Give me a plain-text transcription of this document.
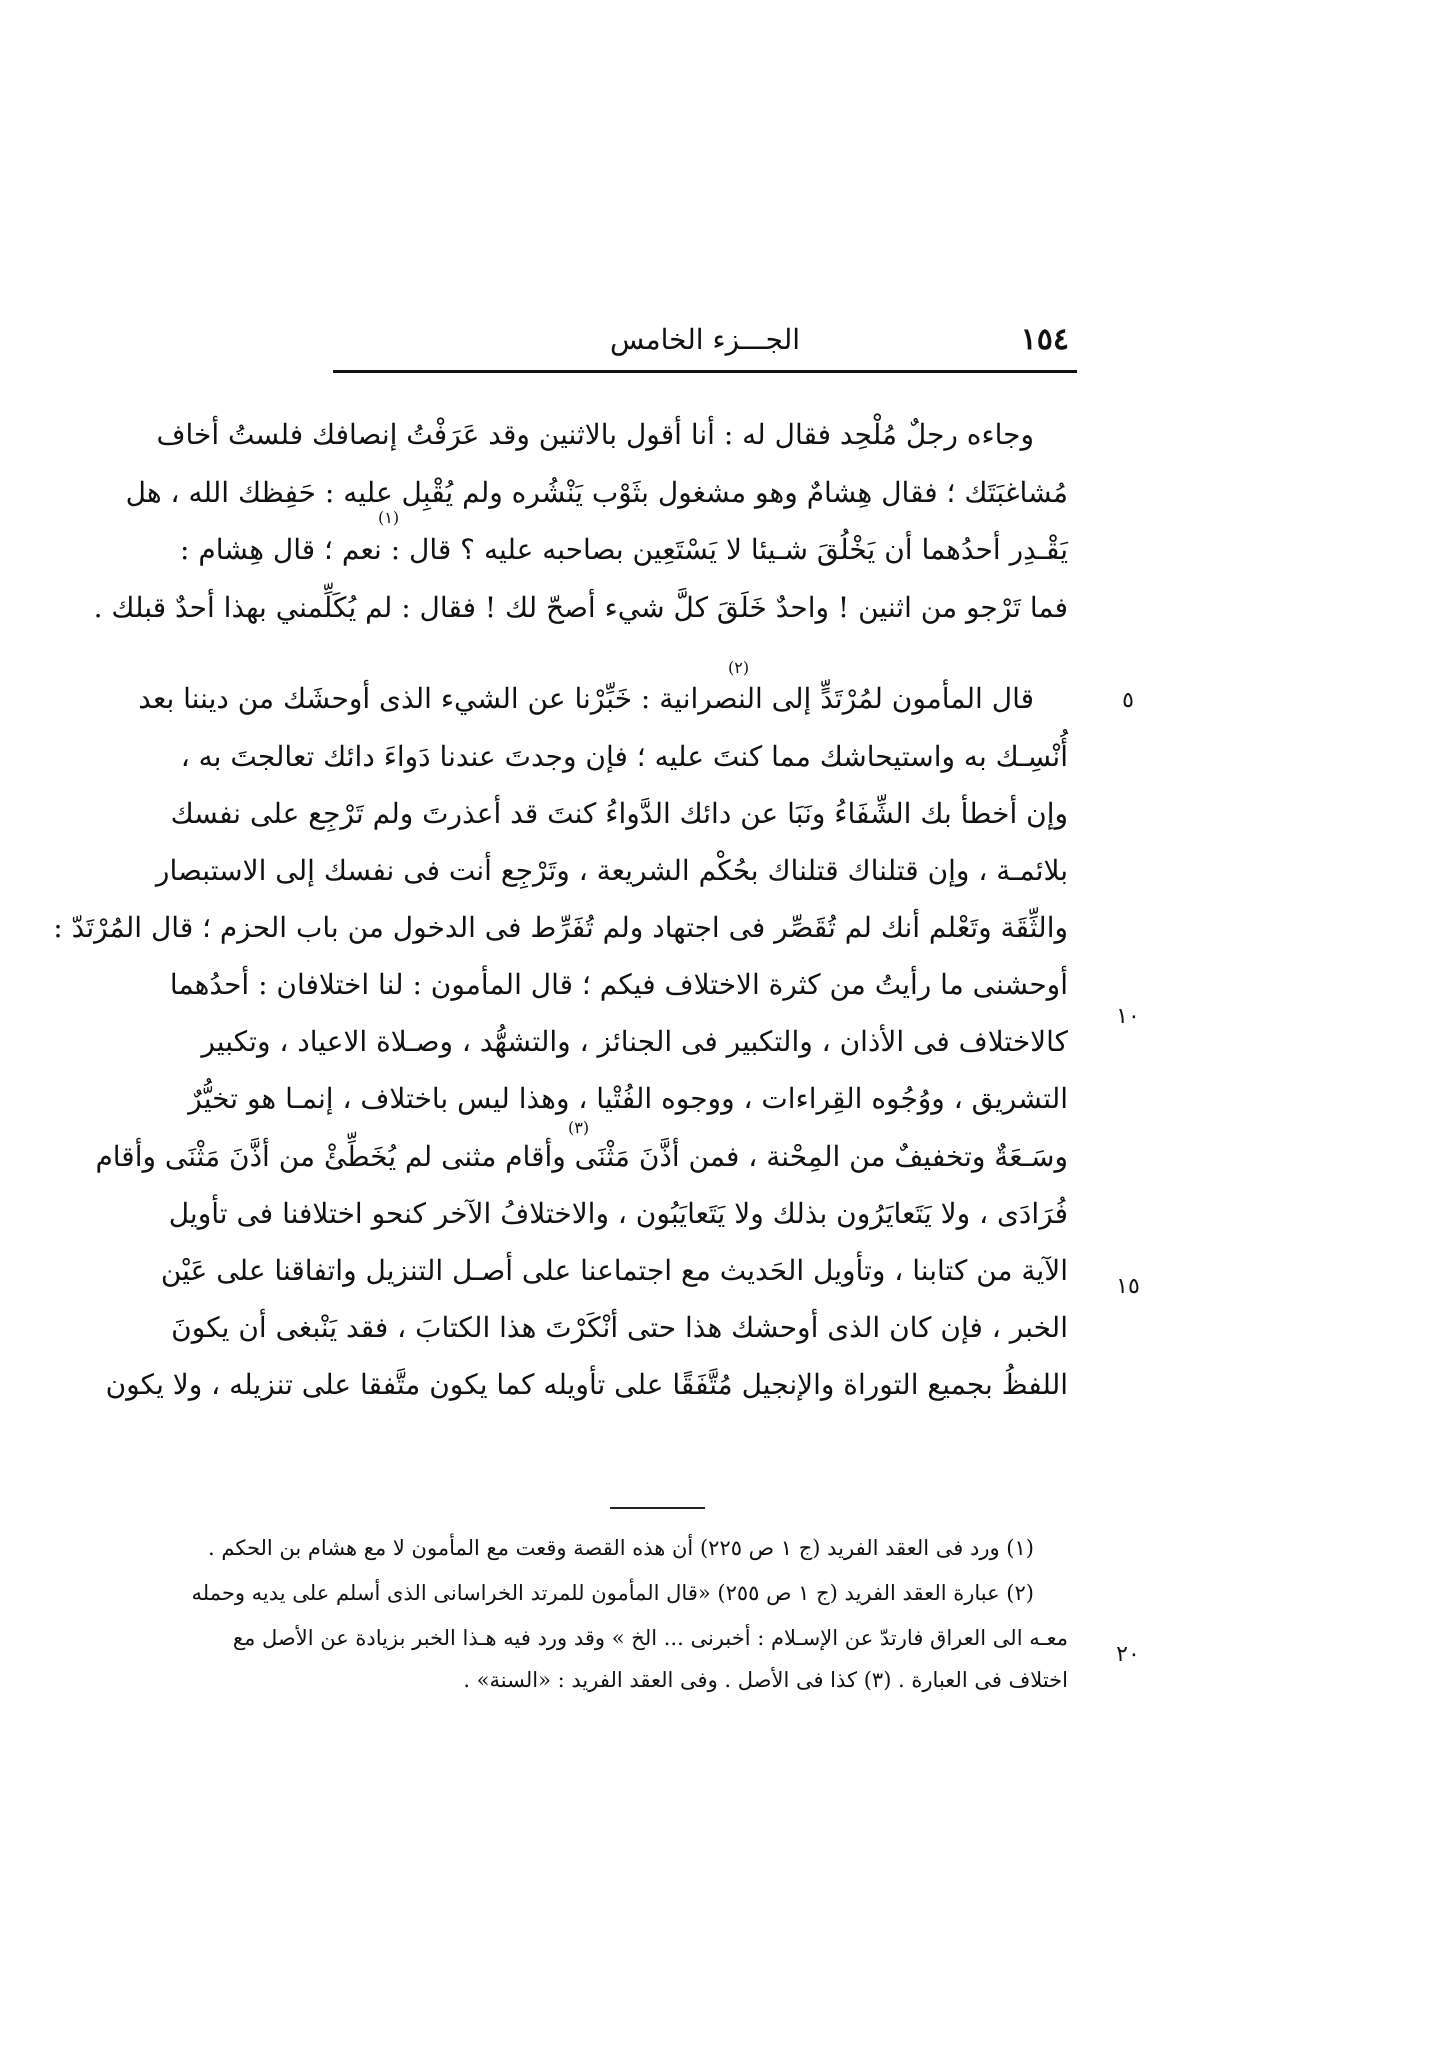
١٥٤
الجـــزء الخامس
وجاءه رجلٌ مُلْحِد فقال له : أنا أقول بالاثنين وقد عَرَفْتُ إنصافك فلستُ أخاف
مُشاغبَتَك ؛ فقال هِشامٌ وهو مشغول بثَوْب يَنْشُره ولم يُقْبِل عليه : حَفِظك الله ، هل
يَقْـدِر أحدُهما أن يَخْلُقَ شـيئا لا يَسْتَعِين بصاحبه عليه ؟ قال : نعم ؛ قال هِشام :
فما تَرْجو من اثنين ! واحدٌ خَلَقَ كلَّ شيء أصحّ لك ! فقال : لم يُكَلِّمني بهذا أحدٌ قبلك .
قال المأمون لمُرْتَدٍّ إلى النصرانية : خَبِّرْنا عن الشيء الذى أوحشَك من ديننا بعد
أُنْسِـك به واستيحاشك مما كنتَ عليه ؛ فإن وجدتَ عندنا دَواءَ دائك تعالجتَ به ،
وإن أخطأ بك الشِّفَاءُ ونَبَا عن دائك الدَّواءُ كنتَ قد أعذرتَ ولم تَرْجِع على نفسك
بلائمـة ، وإن قتلناك قتلناك بحُكْم الشريعة ، وتَرْجِع أنت فى نفسك إلى الاستبصار
والثِّقَة وتَعْلم أنك لم تُقَصِّر فى اجتهاد ولم تُفَرِّط فى الدخول من باب الحزم ؛ قال المُرْتَدّ :
أوحشنى ما رأيتُ من كثرة الاختلاف فيكم ؛ قال المأمون : لنا اختلافان : أحدُهما
كالاختلاف فى الأذان ، والتكبير فى الجنائز ، والتشهُّد ، وصـلاة الاعياد ، وتكبير
التشريق ، ووُجُوه القِراءات ، ووجوه الفُتْيا ، وهذا ليس باختلاف ، إنمـا هو تخيُّرٌ
وسَـعَةٌ وتخفيفٌ من المِحْنة ، فمن أذَّنَ مَثْنَى وأقام مثنى لم يُخَطِّئْ من أذَّنَ مَثْنَى وأقام
فُرَادَى ، ولا يَتَعايَرُون بذلك ولا يَتَعايَبُون ، والاختلافُ الآخر كنحو اختلافنا فى تأويل
الآية من كتابنا ، وتأويل الحَديث مع اجتماعنا على أصـل التنزيل واتفاقنا على عَيْن
الخبر ، فإن كان الذى أوحشك هذا حتى أنْكَرْتَ هذا الكتابَ ، فقد يَنْبغى أن يكونَ
اللفظُ بجميع التوراة والإنجيل مُتَّفَقًا على تأويله كما يكون متَّفقا على تنزيله ، ولا يكون
(١)
(٢)
(٣)
٥
١٠
١٥
(١) ورد فى العقد الفريد (ج ١ ص ٢٢٥) أن هذه القصة وقعت مع المأمون لا مع هشام بن الحكم .
(٢) عبارة العقد الفريد (ج ١ ص ٢٥٥) «قال المأمون للمرتد الخراسانى الذى أسلم على يديه وحمله
معـه الى العراق فارتدّ عن الإسـلام : أخبرنى ... الخ » وقد ورد فيه هـذا الخبر بزيادة عن الأصل مع
اختلاف فى العبارة . (٣) كذا فى الأصل . وفى العقد الفريد : «السنة» .
٢٠
